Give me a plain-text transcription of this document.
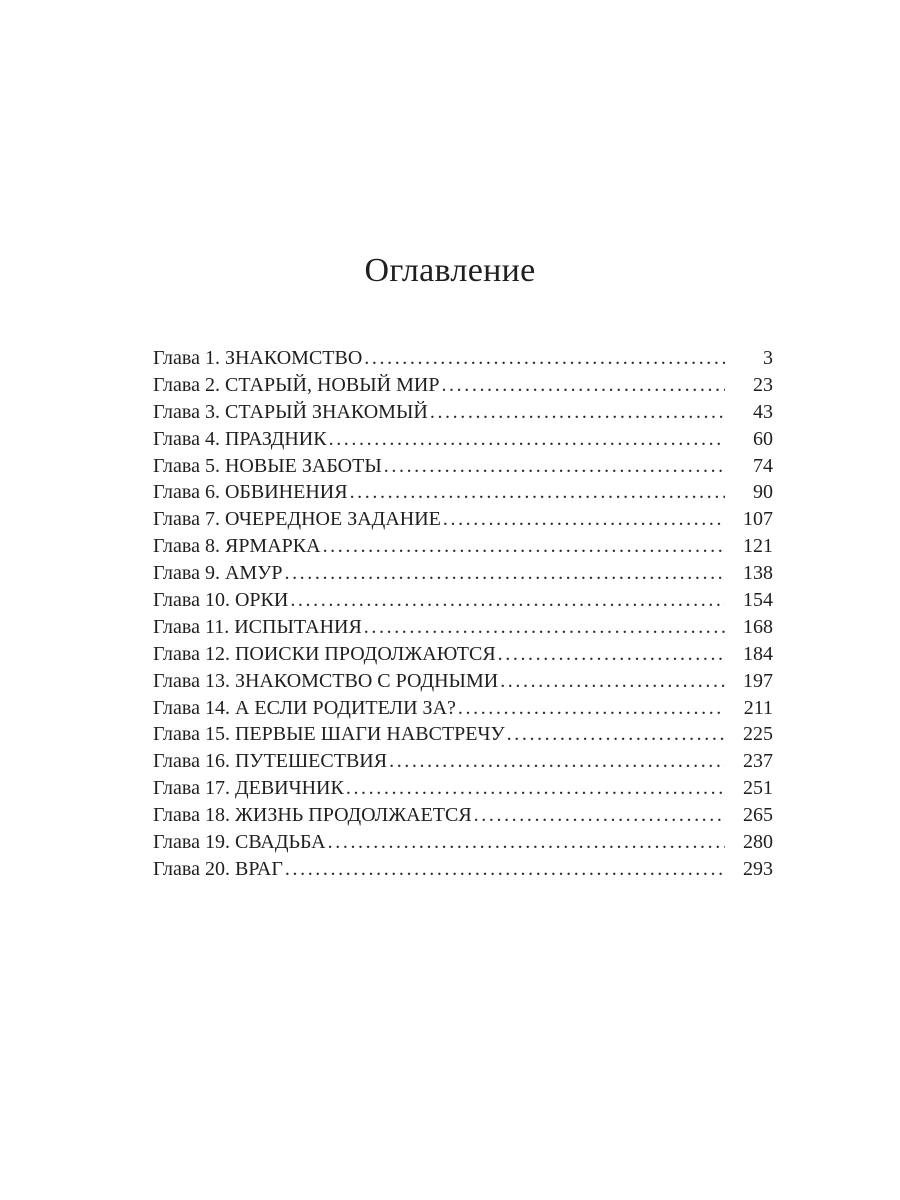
Оглавление
Глава 1. ЗНАКОМСТВО . . .	3
Глава 2. СТАРЫЙ, НОВЫЙ МИР . . .	23
Глава 3. СТАРЫЙ ЗНАКОМЫЙ . . .	43
Глава 4. ПРАЗДНИК . . .	60
Глава 5. НОВЫЕ ЗАБОТЫ . . .	74
Глава 6. ОБВИНЕНИЯ . . .	90
Глава 7. ОЧЕРЕДНОЕ ЗАДАНИЕ . . .	107
Глава 8. ЯРМАРКА . . .	121
Глава 9. АМУР . . .	138
Глава 10. ОРКИ . . .	154
Глава 11. ИСПЫТАНИЯ . . .	168
Глава 12. ПОИСКИ ПРОДОЛЖАЮТСЯ . . .	184
Глава 13. ЗНАКОМСТВО С РОДНЫМИ . . .	197
Глава 14. А ЕСЛИ РОДИТЕЛИ ЗА? . . .	211
Глава 15. ПЕРВЫЕ ШАГИ НАВСТРЕЧУ . . .	225
Глава 16. ПУТЕШЕСТВИЯ . . .	237
Глава 17. ДЕВИЧНИК . . .	251
Глава 18. ЖИЗНЬ ПРОДОЛЖАЕТСЯ . . .	265
Глава 19. СВАДЬБА . . .	280
Глава 20. ВРАГ . . .	293
